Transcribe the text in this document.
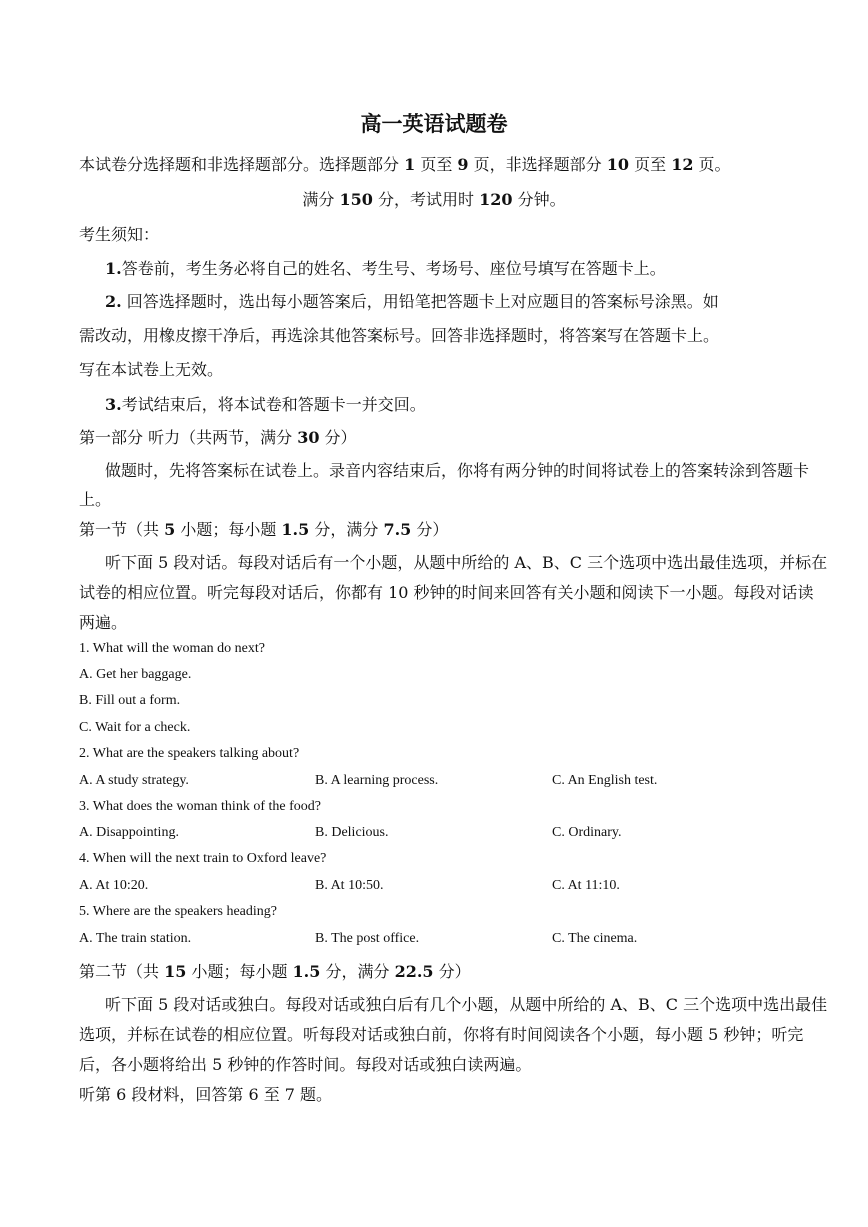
高一英语试题卷
本试卷分选择题和非选择题部分。选择题部分 1 页至 9 页，非选择题部分 10 页至 12 页。
满分 150 分，考试用时 120 分钟。
考生须知：
1.答卷前，考生务必将自己的姓名、考生号、考场号、座位号填写在答题卡上。
2. 回答选择题时，选出每小题答案后，用铅笔把答题卡上对应题目的答案标号涂黑。如
需改动，用橡皮擦干净后，再选涂其他答案标号。回答非选择题时，将答案写在答题卡上。
写在本试卷上无效。
3.考试结束后，将本试卷和答题卡一并交回。
第一部分 听力（共两节，满分 30 分）
做题时，先将答案标在试卷上。录音内容结束后，你将有两分钟的时间将试卷上的答案转涂到答题卡
上。
第一节（共 5 小题；每小题 1.5 分，满分 7.5 分）
听下面 5 段对话。每段对话后有一个小题，从题中所给的 A、B、C 三个选项中选出最佳选项，并标在
试卷的相应位置。听完每段对话后，你都有 10 秒钟的时间来回答有关小题和阅读下一小题。每段对话读
两遍。
1. What will the woman do next?
A. Get her baggage.
B. Fill out a form.
C. Wait for a check.
2. What are the speakers talking about?
A. A study strategy.	B. A learning process.	C. An English test.
3. What does the woman think of the food?
A. Disappointing.	B. Delicious.	C. Ordinary.
4. When will the next train to Oxford leave?
A. At 10:20.	B. At 10:50.	C. At 11:10.
5. Where are the speakers heading?
A. The train station.	B. The post office.	C. The cinema.
第二节（共 15 小题；每小题 1.5 分，满分 22.5 分）
听下面 5 段对话或独白。每段对话或独白后有几个小题，从题中所给的 A、B、C 三个选项中选出最佳
选项，并标在试卷的相应位置。听每段对话或独白前，你将有时间阅读各个小题，每小题 5 秒钟；听完
后，各小题将给出 5 秒钟的作答时间。每段对话或独白读两遍。
听第 6 段材料，回答第 6 至 7 题。
